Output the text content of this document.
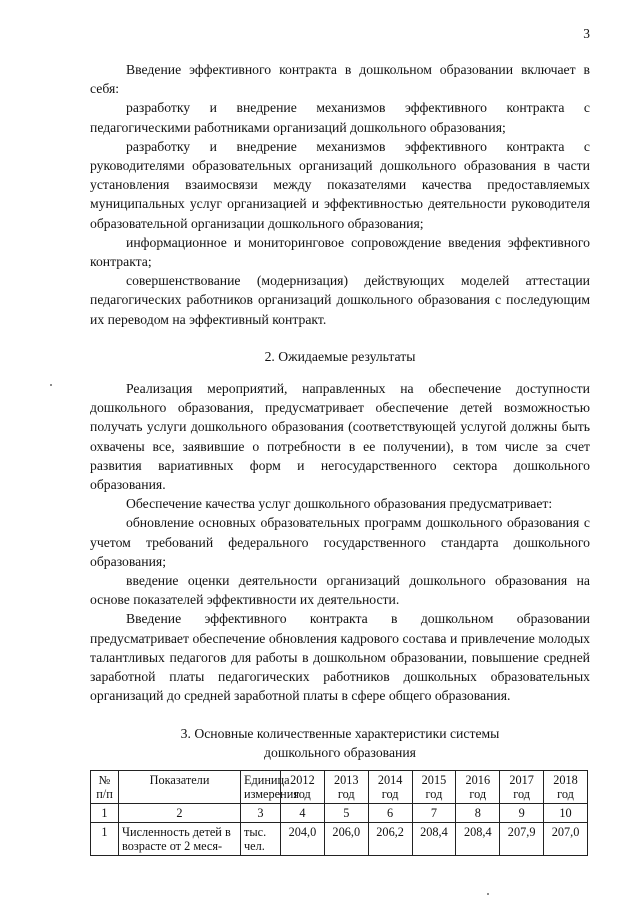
3

Введение эффективного контракта в дошкольном образовании включает в себя:

разработку и внедрение механизмов эффективного контракта с педагогическими работниками организаций дошкольного образования;

разработку и внедрение механизмов эффективного контракта с руководителями образовательных организаций дошкольного образования в части установления взаимосвязи между показателями качества предоставляемых муниципальных услуг организацией и эффективностью деятельности руководителя образовательной организации дошкольного образования;

информационное и мониторинговое сопровождение введения эффективного контракта;

совершенствование (модернизация) действующих моделей аттестации педагогических работников организаций дошкольного образования с последующим их переводом на эффективный контракт.

2. Ожидаемые результаты

Реализация мероприятий, направленных на обеспечение доступности дошкольного образования, предусматривает обеспечение детей возможностью получать услуги дошкольного образования (соответствующей услугой должны быть охвачены все, заявившие о потребности в ее получении), в том числе за счет развития вариативных форм и негосударственного сектора дошкольного образования.

Обеспечение качества услуг дошкольного образования предусматривает:

обновление основных образовательных программ дошкольного образования с учетом требований федерального государственного стандарта дошкольного образования;

введение оценки деятельности организаций дошкольного образования на основе показателей эффективности их деятельности.

Введение эффективного контракта в дошкольном образовании предусматривает обеспечение обновления кадрового состава и привлечение молодых талантливых педагогов для работы в дошкольном образовании, повышение средней заработной платы педагогических работников дошкольных образовательных организаций до средней заработной платы в сфере общего образования.

3. Основные количественные характеристики системы
дошкольного образования
№ п/п	Показатели	Единица измерения	2012 год	2013 год	2014 год	2015 год	2016 год	2017 год	2018 год
1	2	3	4	5	6	7	8	9	10
1	Численность детей в возрасте от 2 меся-	тыс. чел.	204,0	206,0	206,2	208,4	208,4	207,9	207,0
